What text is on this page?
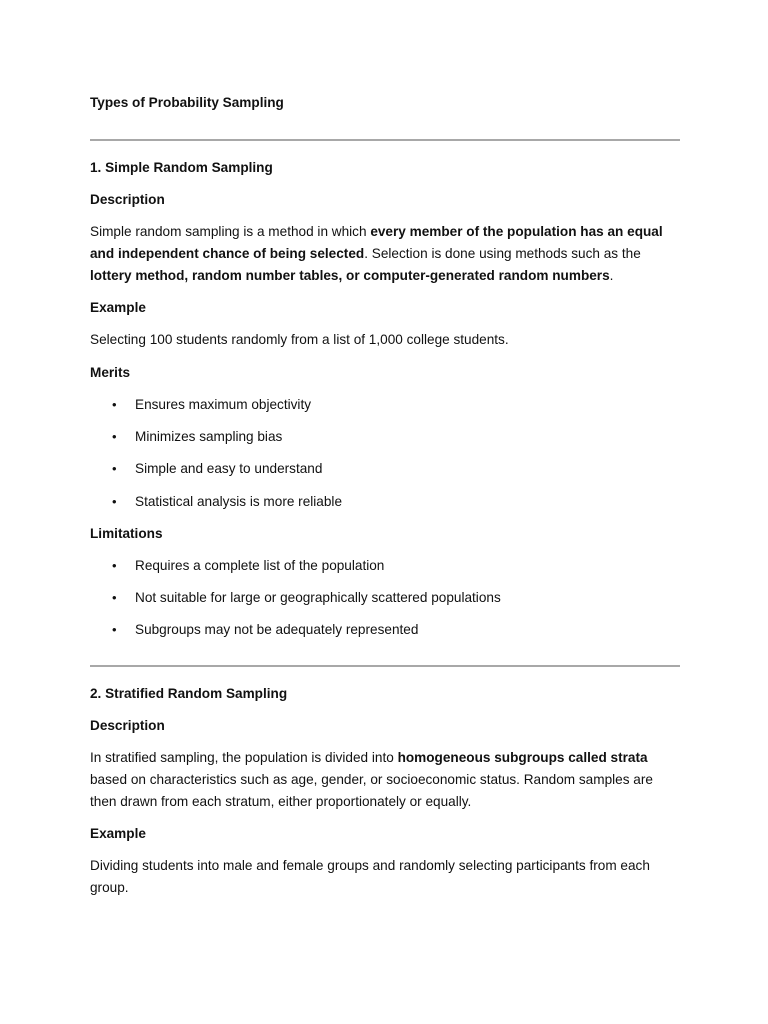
Types of Probability Sampling

1. Simple Random Sampling

Description

Simple random sampling is a method in which every member of the population has an equal and independent chance of being selected. Selection is done using methods such as the lottery method, random number tables, or computer-generated random numbers.

Example

Selecting 100 students randomly from a list of 1,000 college students.

Merits

• Ensures maximum objectivity
• Minimizes sampling bias
• Simple and easy to understand
• Statistical analysis is more reliable

Limitations

• Requires a complete list of the population
• Not suitable for large or geographically scattered populations
• Subgroups may not be adequately represented

2. Stratified Random Sampling

Description

In stratified sampling, the population is divided into homogeneous subgroups called strata based on characteristics such as age, gender, or socioeconomic status. Random samples are then drawn from each stratum, either proportionately or equally.

Example

Dividing students into male and female groups and randomly selecting participants from each group.
